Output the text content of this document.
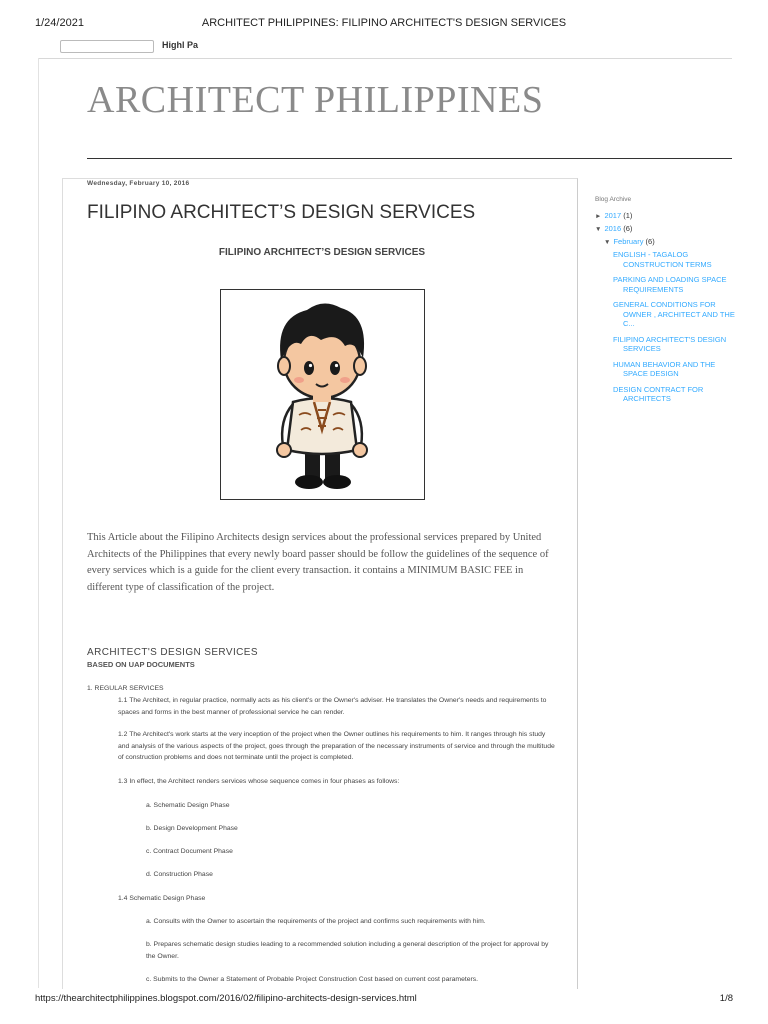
1/24/2021	ARCHITECT PHILIPPINES: FILIPINO ARCHITECT'S DESIGN SERVICES
Highl Pa
ARCHITECT PHILIPPINES
Wednesday, February 10, 2016
FILIPINO ARCHITECT’S DESIGN SERVICES
FILIPINO ARCHITECT’S DESIGN SERVICES

This Article about the Filipino Architects design services about the professional services prepared by United Architects of the Philippines that every newly board passer should be follow the guidelines of the sequence of every services which is a guide for the client every transaction. it contains a MINIMUM BASIC FEE in different type of classification of the project.

ARCHITECT'S DESIGN SERVICES
BASED ON UAP DOCUMENTS

1. REGULAR SERVICES

1.1 The Architect, in regular practice, normally acts as his client's or the Owner's adviser. He translates the Owner's needs and requirements to spaces and forms in the best manner of professional service he can render.

1.2 The Architect's work starts at the very inception of the project when the Owner outlines his requirements to him. It ranges through his study and analysis of the various aspects of the project, goes through the preparation of the necessary instruments of service and through the multitude of construction problems and does not terminate until the project is completed.

1.3 In effect, the Architect renders services whose sequence comes in four phases as follows:

a. Schematic Design Phase

b. Design Development Phase

c. Contract Document Phase

d. Construction Phase

1.4 Schematic Design Phase

a. Consults with the Owner to ascertain the requirements of the project and confirms such requirements with him.

b. Prepares schematic design studies leading to a recommended solution including a general description of the project for approval by the Owner.

c. Submits to the Owner a Statement of Probable Project Construction Cost based on current cost parameters.

Blog Archive
► 2017 (1)
▼ 2016 (6)
▼ February (6)
ENGLISH - TAGALOG CONSTRUCTION TERMS
PARKING AND LOADING SPACE REQUIREMENTS
GENERAL CONDITIONS FOR OWNER , ARCHITECT AND THE C...
FILIPINO ARCHITECT'S DESIGN SERVICES
HUMAN BEHAVIOR AND THE SPACE DESIGN
DESIGN CONTRACT FOR ARCHITECTS
https://thearchitectphilippines.blogspot.com/2016/02/filipino-architects-design-services.html	1/8
